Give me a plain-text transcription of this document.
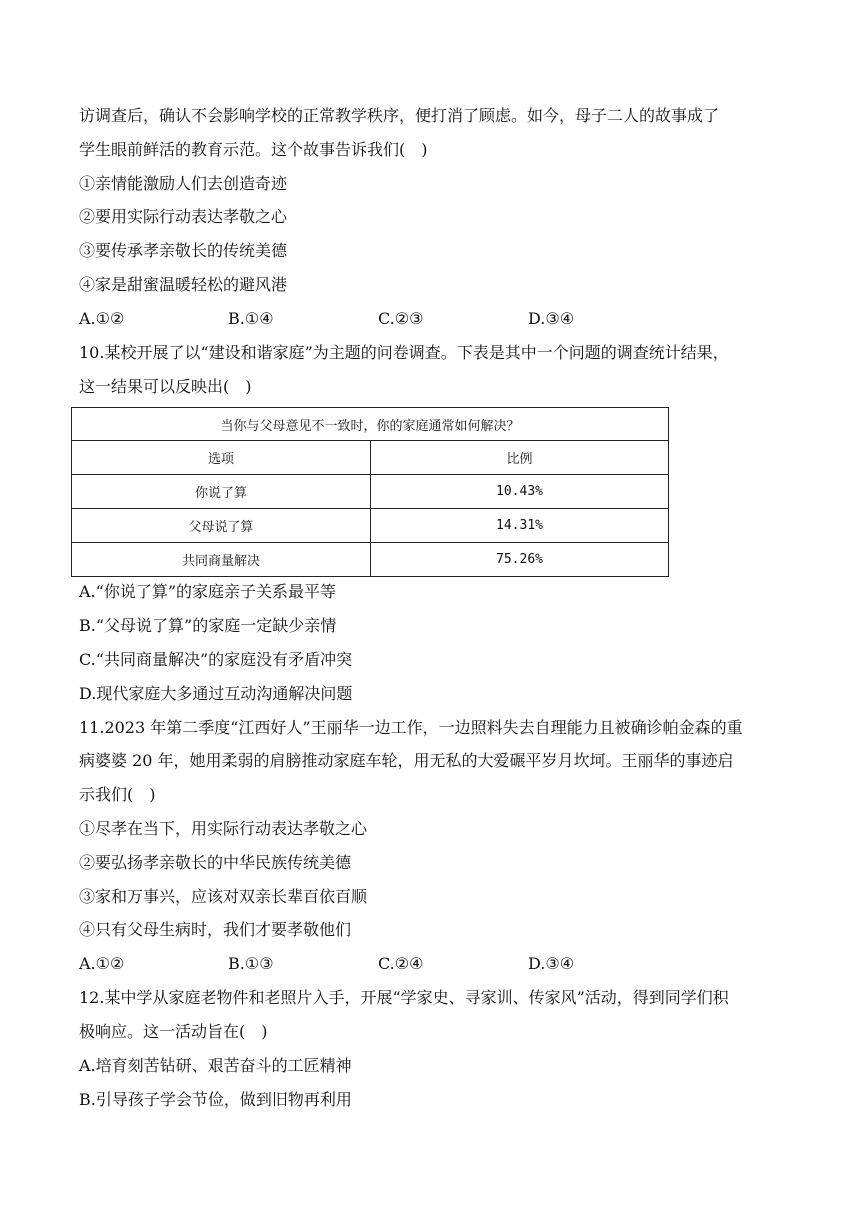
访调查后，确认不会影响学校的正常教学秩序，便打消了顾虑。如今，母子二人的故事成了
学生眼前鲜活的教育示范。这个故事告诉我们(　)
①亲情能激励人们去创造奇迹
②要用实际行动表达孝敬之心
③要传承孝亲敬长的传统美德
④家是甜蜜温暖轻松的避风港
A.①②	B.①④	C.②③	D.③④
10.某校开展了以“建设和谐家庭”为主题的问卷调查。下表是其中一个问题的调查统计结果，
这一结果可以反映出(　)
当你与父母意见不一致时，你的家庭通常如何解决？	
选项	比例
你说了算	10.43%
父母说了算	14.31%
共同商量解决	75.26%
A.“你说了算”的家庭亲子关系最平等
B.“父母说了算”的家庭一定缺少亲情
C.“共同商量解决”的家庭没有矛盾冲突
D.现代家庭大多通过互动沟通解决问题
11.2023 年第二季度“江西好人”王丽华一边工作，一边照料失去自理能力且被确诊帕金森的重
病婆婆 20 年，她用柔弱的肩膀推动家庭车轮，用无私的大爱碾平岁月坎坷。王丽华的事迹启
示我们(　)
①尽孝在当下，用实际行动表达孝敬之心
②要弘扬孝亲敬长的中华民族传统美德
③家和万事兴，应该对双亲长辈百依百顺
④只有父母生病时，我们才要孝敬他们
A.①②	B.①③	C.②④	D.③④
12.某中学从家庭老物件和老照片入手，开展“学家史、寻家训、传家风”活动，得到同学们积
极响应。这一活动旨在(　)
A.培育刻苦钻研、艰苦奋斗的工匠精神
B.引导孩子学会节俭，做到旧物再利用
